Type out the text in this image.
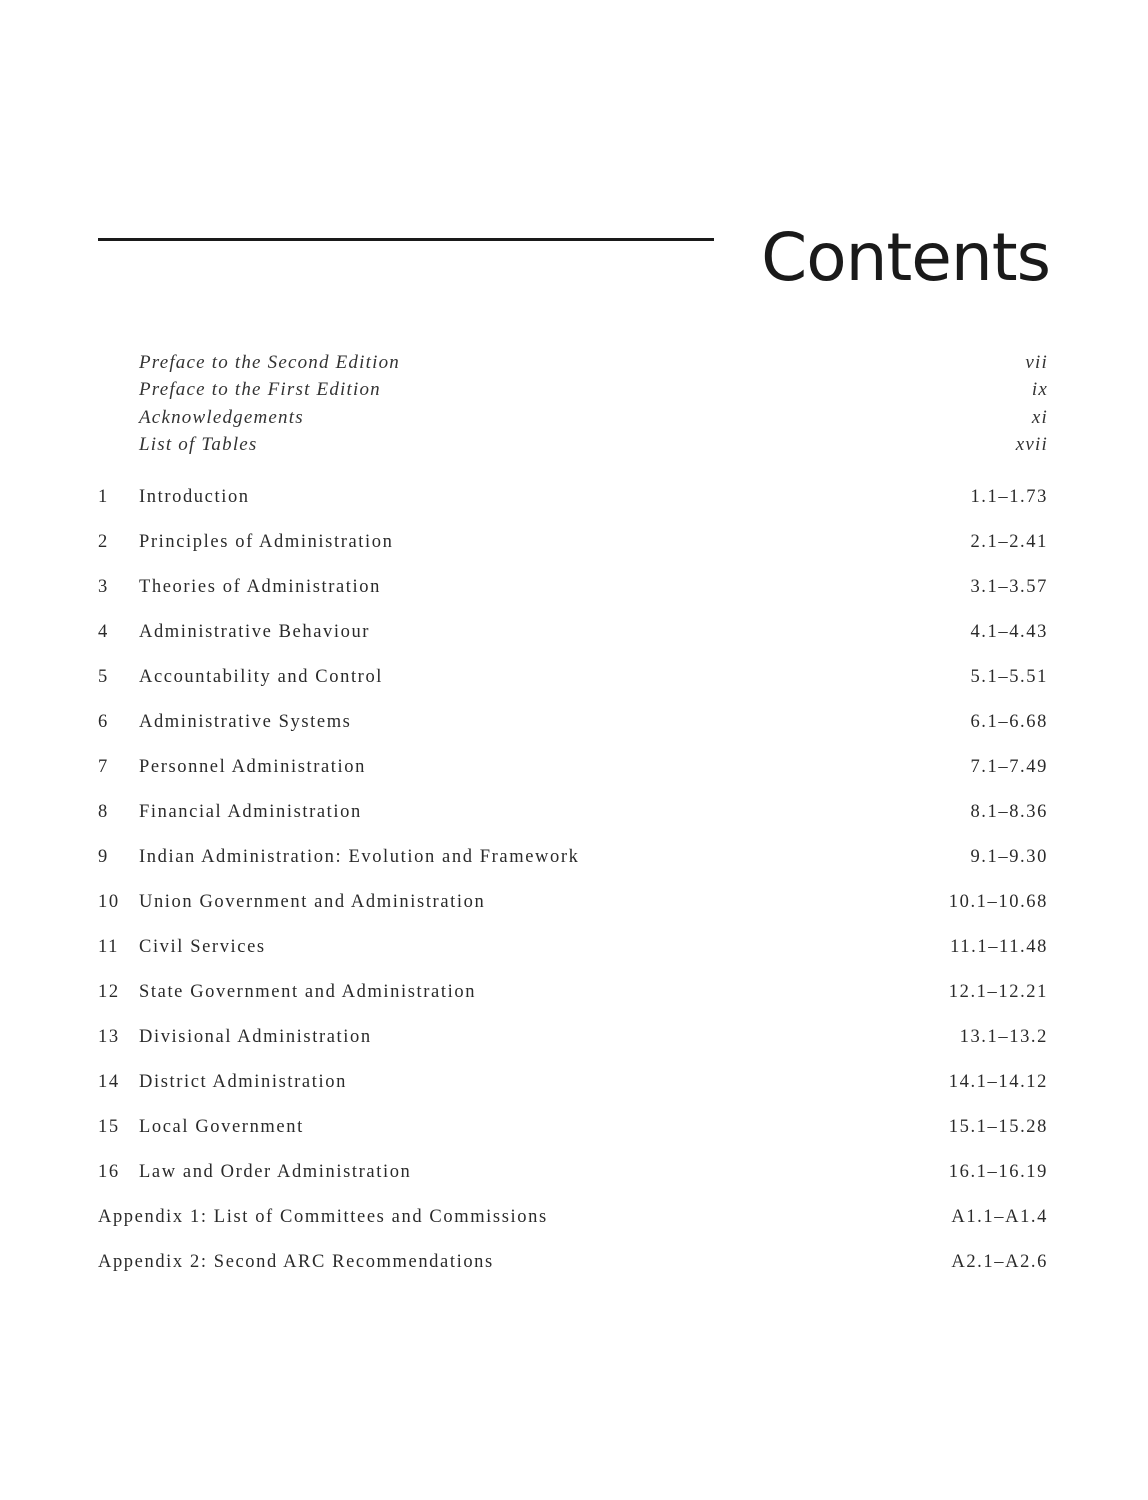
Contents
Preface to the Second Edition	vii
Preface to the First Edition	ix
Acknowledgements	xi
List of Tables	xvii
1	Introduction	1.1–1.73
2	Principles of Administration	2.1–2.41
3	Theories of Administration	3.1–3.57
4	Administrative Behaviour	4.1–4.43
5	Accountability and Control	5.1–5.51
6	Administrative Systems	6.1–6.68
7	Personnel Administration	7.1–7.49
8	Financial Administration	8.1–8.36
9	Indian Administration: Evolution and Framework	9.1–9.30
10	Union Government and Administration	10.1–10.68
11	Civil Services	11.1–11.48
12	State Government and Administration	12.1–12.21
13	Divisional Administration	13.1–13.2
14	District Administration	14.1–14.12
15	Local Government	15.1–15.28
16	Law and Order Administration	16.1–16.19
Appendix 1: List of Committees and Commissions	A1.1–A1.4
Appendix 2: Second ARC Recommendations	A2.1–A2.6
